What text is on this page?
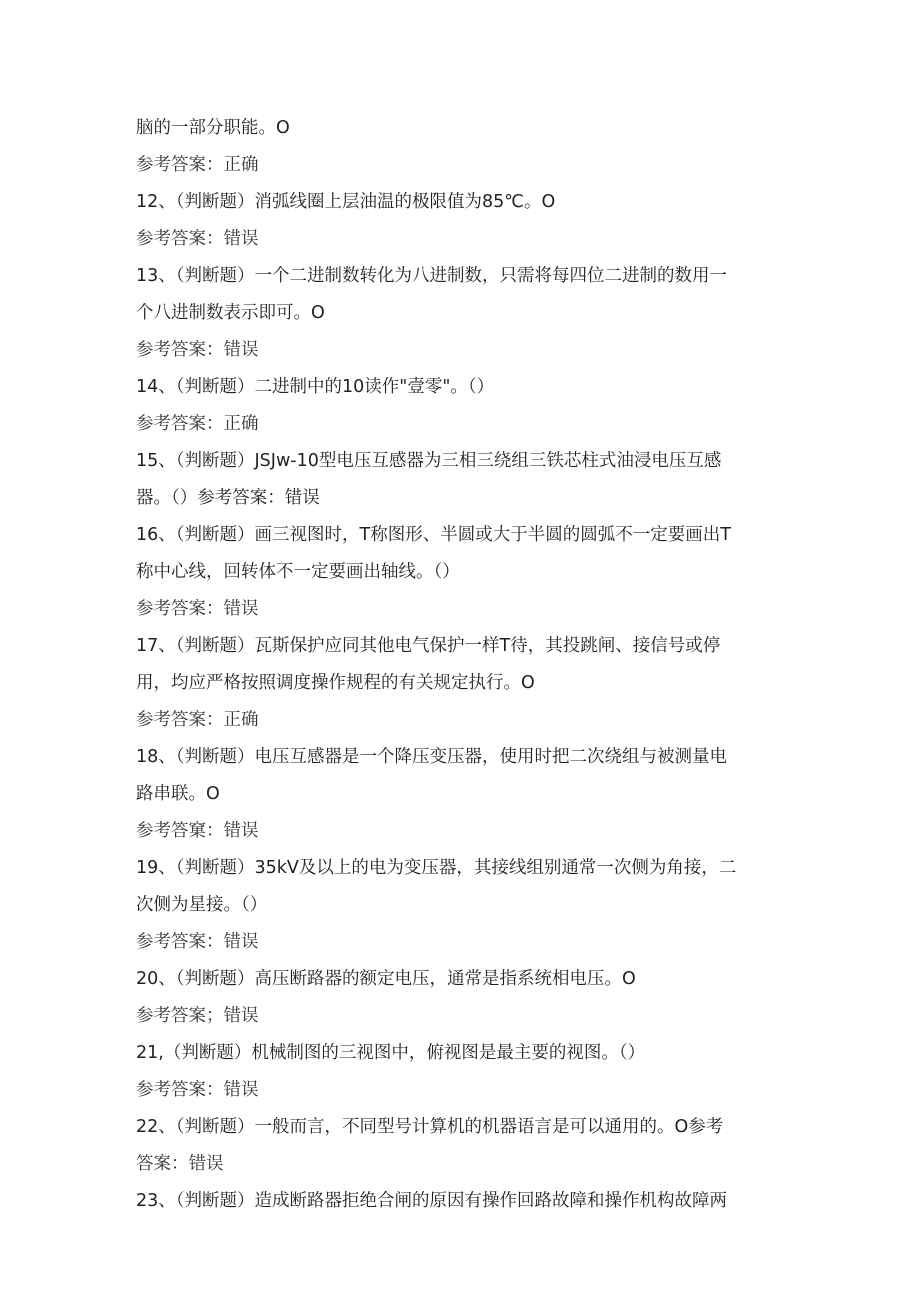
脑的一部分职能。O
参考答案：正确
12、（判断题）消弧线圈上层油温的极限值为85℃。O
参考答案：错误
13、（判断题）一个二进制数转化为八进制数，只需将每四位二进制的数用一
个八进制数表示即可。O
参考答案：错误
14、（判断题）二进制中的10读作"壹零"。（）
参考答案：正确
15、（判断题）JSJw-10型电压互感器为三相三绕组三铁芯柱式油浸电压互感
器。（）参考答案：错误
16、（判断题）画三视图时，T称图形、半圆或大于半圆的圆弧不一定要画出T
称中心线，回转体不一定要画出轴线。（）
参考答案：错误
17、（判断题）瓦斯保护应同其他电气保护一样T待，其投跳闸、接信号或停
用，均应严格按照调度操作规程的有关规定执行。O
参考答案：正确
18、（判断题）电压互感器是一个降压变压器，使用时把二次绕组与被测量电
路串联。O
参考答窠：错误
19、（判断题）35kV及以上的电为变压器，其接线组别通常一次侧为角接，二
次侧为星接。（）
参考答案：错误
20、（判断题）高压断路器的额定电压，通常是指系统相电压。O
参考答案；错误
21,（判断题）机械制图的三视图中，俯视图是最主要的视图。（）
参考答案：错误
22、（判断题）一般而言，不同型号计算机的机器语言是可以通用的。O参考
答案：错误
23、（判断题）造成断路器拒绝合闸的原因有操作回路故障和操作机构故障两
